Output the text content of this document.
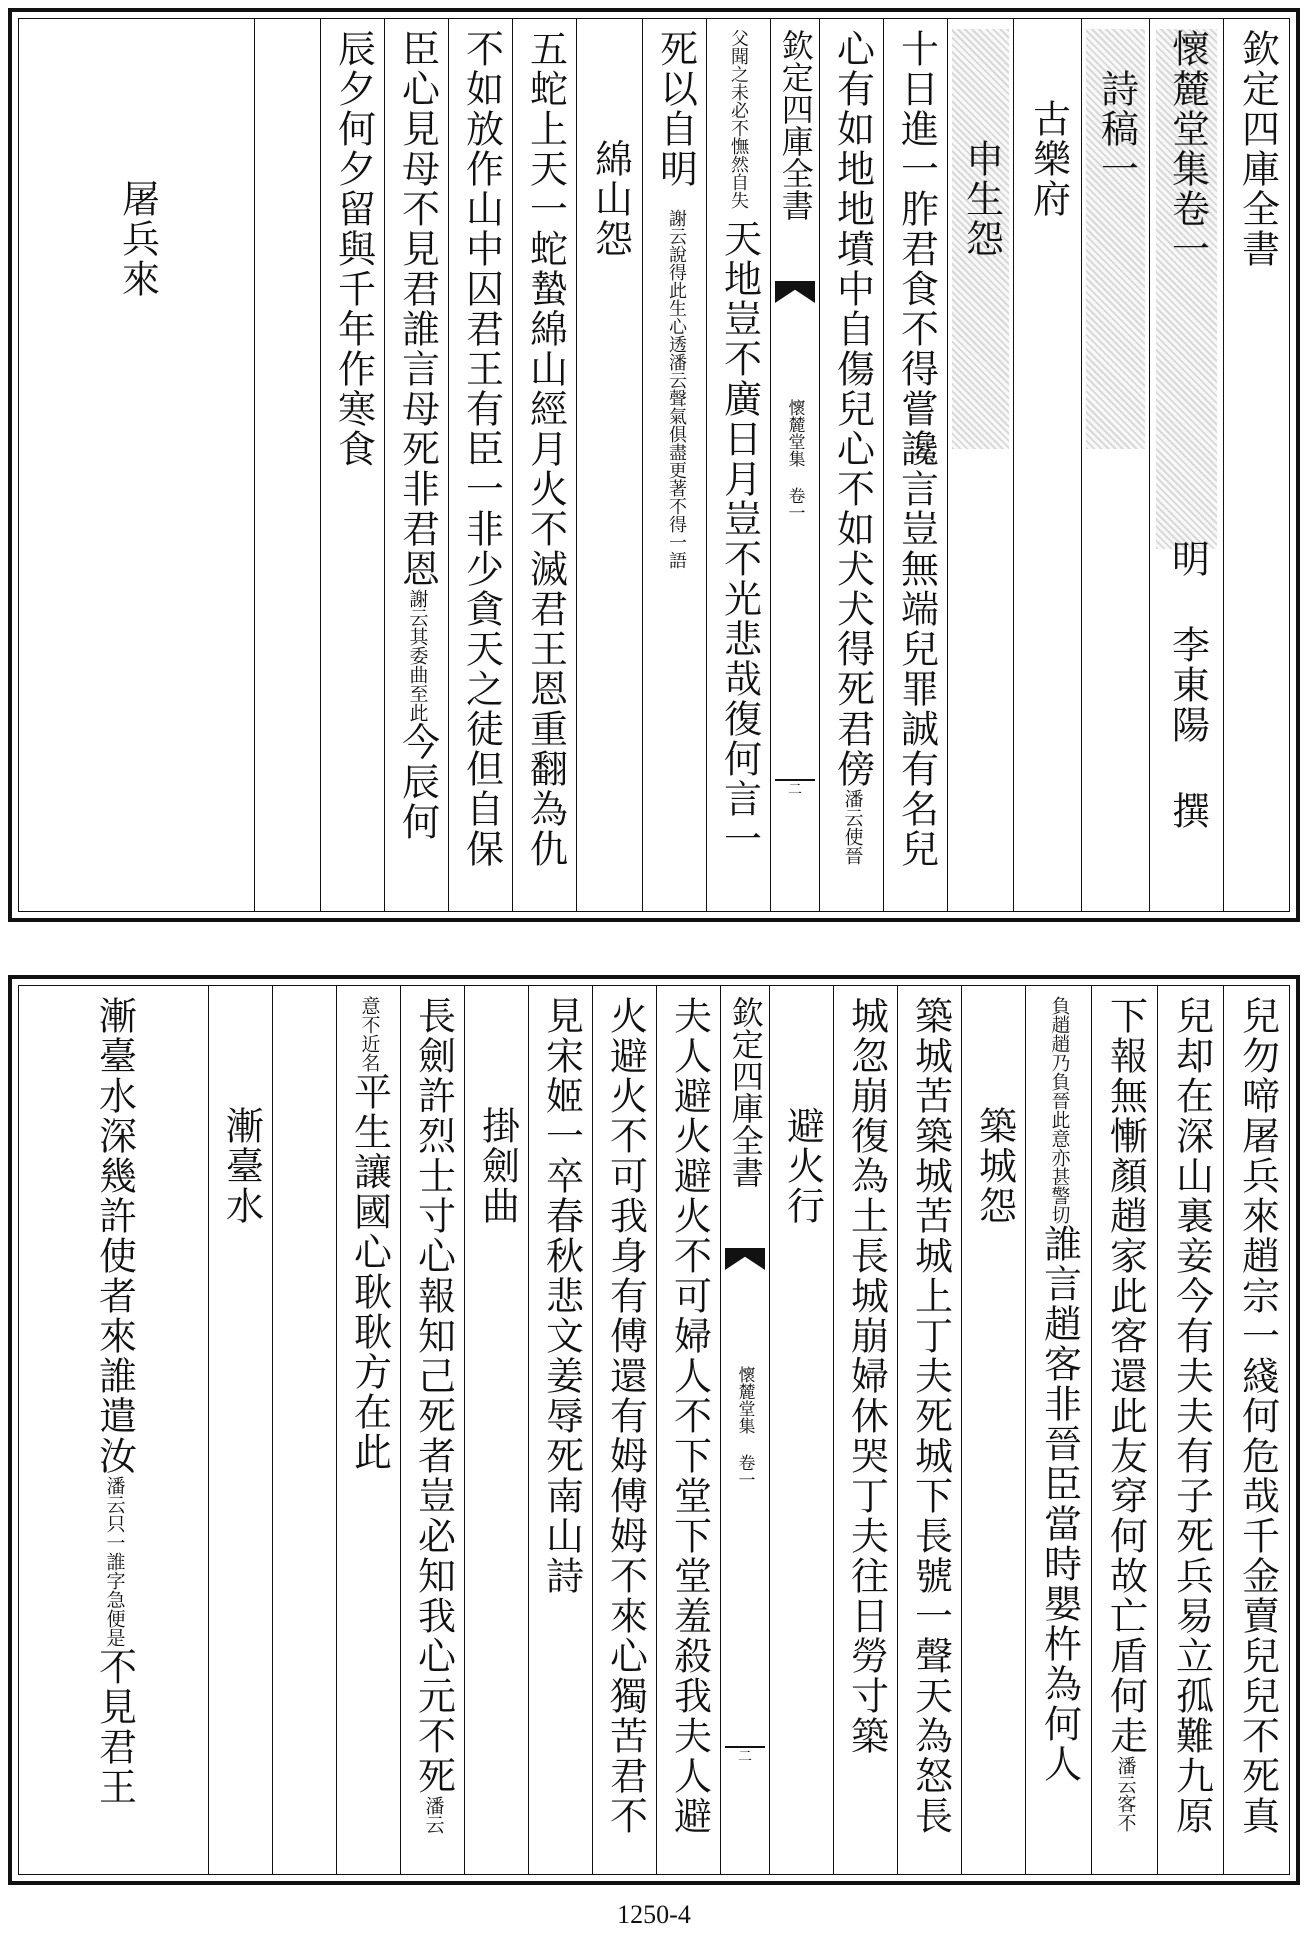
欽定四庫全書
懷麓堂集卷一
明 李東陽 撰
詩稿一
古樂府
申生怨
十日進一胙君食不得嘗讒言豈無端兒罪誠有名兒
心有如地地墳中自傷兒心不如犬犬得死君傍潘云使晉
欽定四庫全書
懷麓堂集 卷一
二
天地豈不廣日月豈不光悲哉復何言一
父聞之未必不憮然自失
死以自明
謝云說得此生心透潘云聲氣俱盡更著不得一語
綿山怨
五蛇上天一蛇蟄綿山經月火不滅君王恩重翻為仇
不如放作山中囚君王有臣一非少貪天之徒但自保
臣心見母不見君誰言母死非君恩謝云其委曲至此今辰何
辰夕何夕留與千年作寒食
屠兵來
兒勿啼屠兵來趙宗一綫何危哉千金賣兒兒不死真
兒却在深山裏妾今有夫夫有子死兵易立孤難九原
下報無慚顏趙家此客還此友穿何故亡盾何走潘云客不
負趙趙乃負晉此意亦甚警切誰言趙客非晉臣當時嬰杵為何人
築城怨
築城苦築城苦城上丁夫死城下長號一聲天為怒長
城忽崩復為土長城崩婦休哭丁夫往日勞寸築
避火行
欽定四庫全書
懷麓堂集 卷一
二
夫人避火避火不可婦人不下堂下堂羞殺我夫人避
火避火不可我身有傅還有姆傅姆不來心獨苦君不
見宋姬一卒春秋悲文姜辱死南山詩
掛劍曲
長劍許烈士寸心報知己死者豈必知我心元不死潘云
意不近名平生讓國心耿耿方在此
漸臺水
漸臺水深幾許使者來誰遣汝潘云只一誰字急便是不見君王
1250-4
